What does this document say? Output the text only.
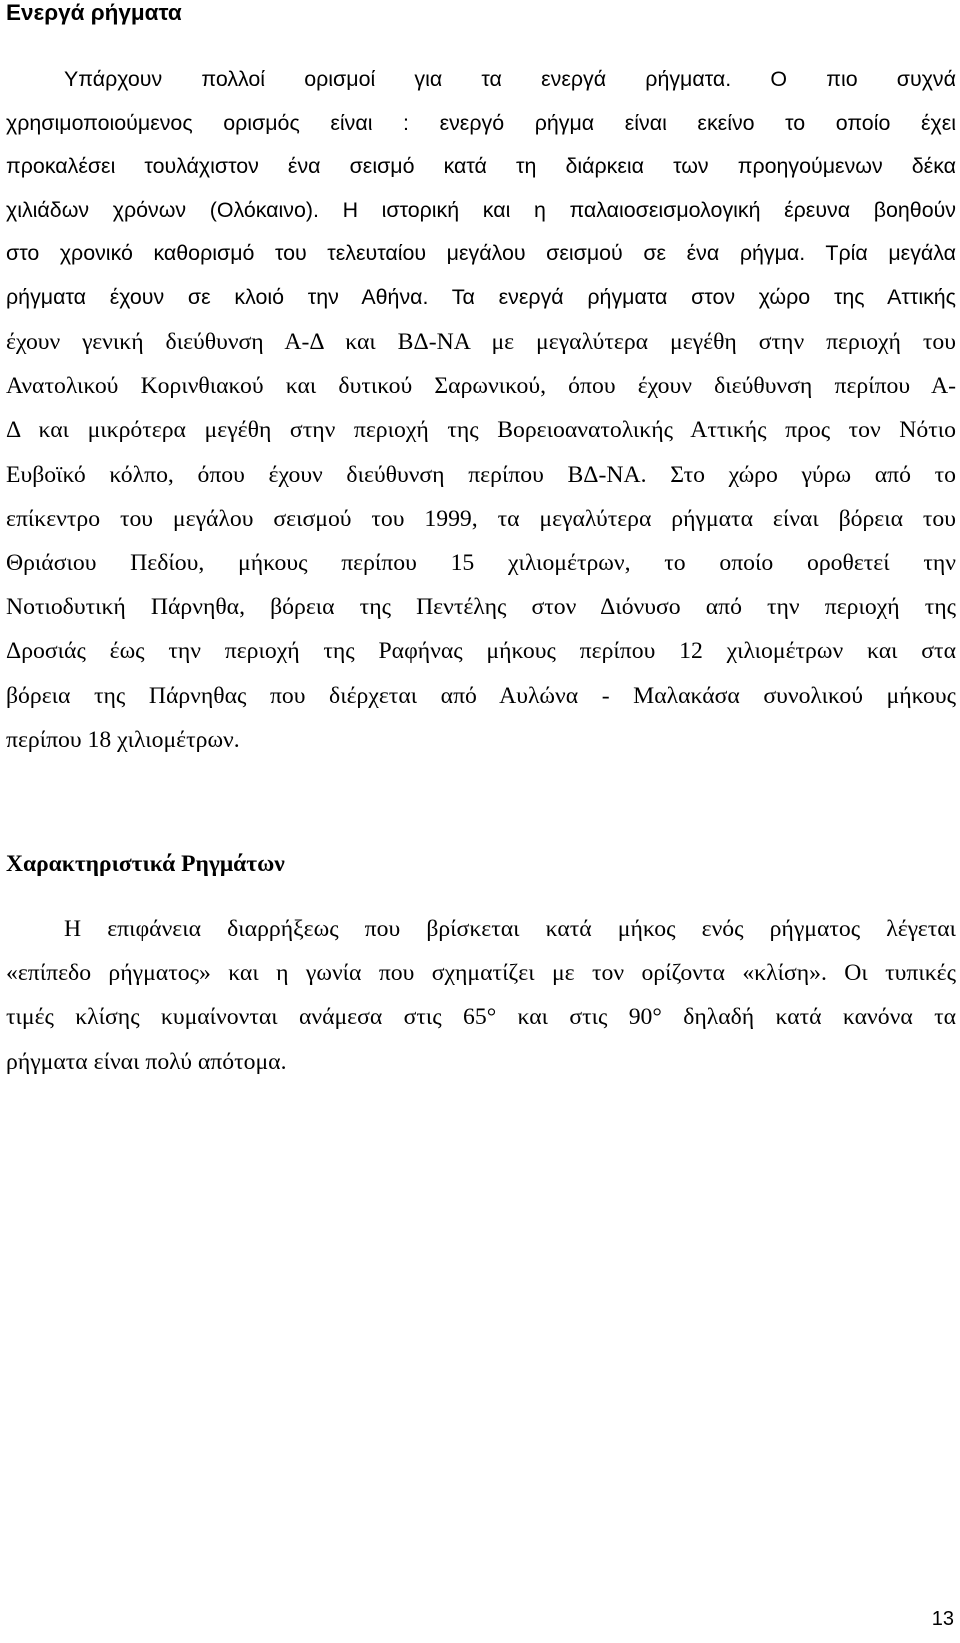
Ενεργά ρήγματα

Υπάρχουν πολλοί ορισμοί για τα ενεργά ρήγματα. Ο πιο συχνά
χρησιμοποιούμενος ορισμός είναι : ενεργό ρήγμα είναι εκείνο το οποίο έχει
προκαλέσει τουλάχιστον ένα σεισμό κατά τη διάρκεια των προηγούμενων δέκα
χιλιάδων χρόνων (Ολόκαινο). Η ιστορική και η παλαιοσεισμολογική έρευνα βοηθούν
στο χρονικό καθορισμό του τελευταίου μεγάλου σεισμού σε ένα ρήγμα. Τρία μεγάλα
ρήγματα έχουν σε κλοιό την Αθήνα. Τα ενεργά ρήγματα στον χώρο της Αττικής

έχουν γενική διεύθυνση Α-Δ και ΒΔ-ΝΑ με μεγαλύτερα μεγέθη στην περιοχή του
Ανατολικού Κορινθιακού και δυτικού Σαρωνικού, όπου έχουν διεύθυνση περίπου Α-
Δ και μικρότερα μεγέθη στην περιοχή της Βορειοανατολικής Αττικής προς τον Νότιο
Ευβοϊκό κόλπο, όπου έχουν διεύθυνση περίπου ΒΔ-ΝΑ. Στο χώρο γύρω από το
επίκεντρο του μεγάλου σεισμού του 1999, τα μεγαλύτερα ρήγματα είναι βόρεια του
Θριάσιου Πεδίου, μήκους περίπου 15 χιλιομέτρων, το οποίο οροθετεί την
Νοτιοδυτική Πάρνηθα, βόρεια της Πεντέλης στον Διόνυσο από την περιοχή της
Δροσιάς έως την περιοχή της Ραφήνας μήκους περίπου 12 χιλιομέτρων και στα
βόρεια της Πάρνηθας που διέρχεται από Αυλώνα - Μαλακάσα συνολικού μήκους
περίπου 18 χιλιομέτρων.

Χαρακτηριστικά Ρηγμάτων

Η επιφάνεια διαρρήξεως που βρίσκεται κατά μήκος ενός ρήγματος λέγεται
«επίπεδο ρήγματος» και η γωνία που σχηματίζει με τον ορίζοντα «κλίση». Οι τυπικές
τιμές κλίσης κυμαίνονται ανάμεσα στις 65° και στις 90° δηλαδή κατά κανόνα τα
ρήγματα είναι πολύ απότομα.

13
